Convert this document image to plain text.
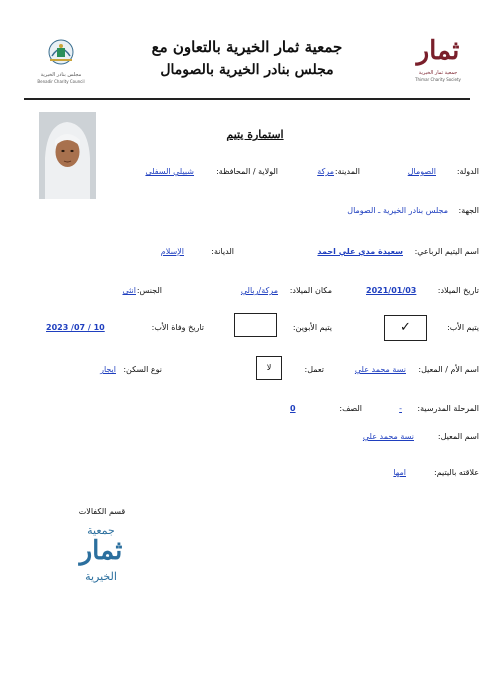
مجلس بنادر الخيرية
Benadir Charity Council
جمعية ثمار الخيرية بالتعاون مع
مجلس بنادر الخيرية بالصومال
ثمار
جمعية ثمار الخيرية
Thimar Charity Society
استمارة يتيم
الدولة:
الصومال
المدينة:
مركة
الولاية / المحافظة:
شبيلي السفلى
الجهة:
مجلس بنادر الخيرية ـ الصومال
اسم اليتيم الرباعي:
سعيدة مدي علي احمد
الديانة:
الإسلام
تاريخ الميلاد:
2021/01/03
مكان الميلاد:
مركة/ربالي
الجنس:
انثى
يتيم الأب:
✓
يتيم الأبوين:
تاريخ وفاة الأب:
2023 /07 / 10
اسم الأم / المعيل:
نسة محمد علي
تعمل:
لا
نوع السكن:
ايجار
المرحلة المدرسية:
-
الصف:
0
اسم المعيل:
نسة محمد علي
علاقته باليتيم:
امها
قسم الكفالات
جمعية
ثمار
الخيرية
